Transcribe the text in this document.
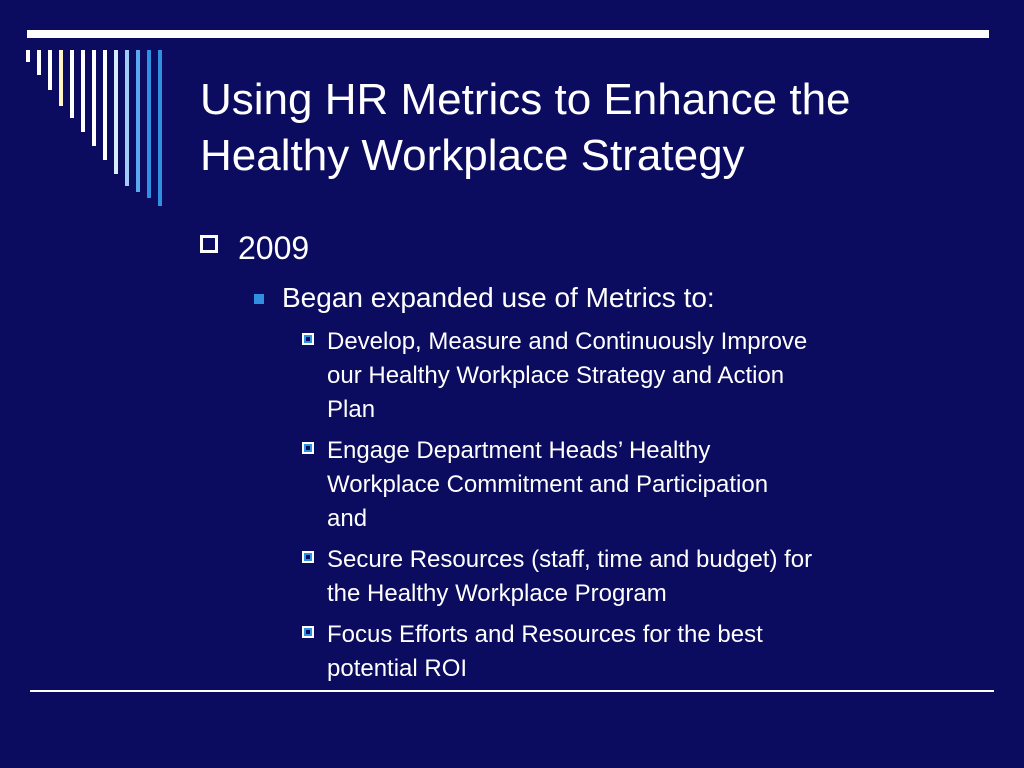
Using HR Metrics to Enhance the
Healthy Workplace Strategy
2009
Began expanded use of Metrics to:
Develop, Measure and Continuously Improve
our Healthy Workplace Strategy and Action
Plan
Engage Department Heads’ Healthy
Workplace Commitment and Participation
and
Secure Resources (staff, time and budget) for
the Healthy Workplace Program
Focus Efforts and Resources for the best
potential ROI
